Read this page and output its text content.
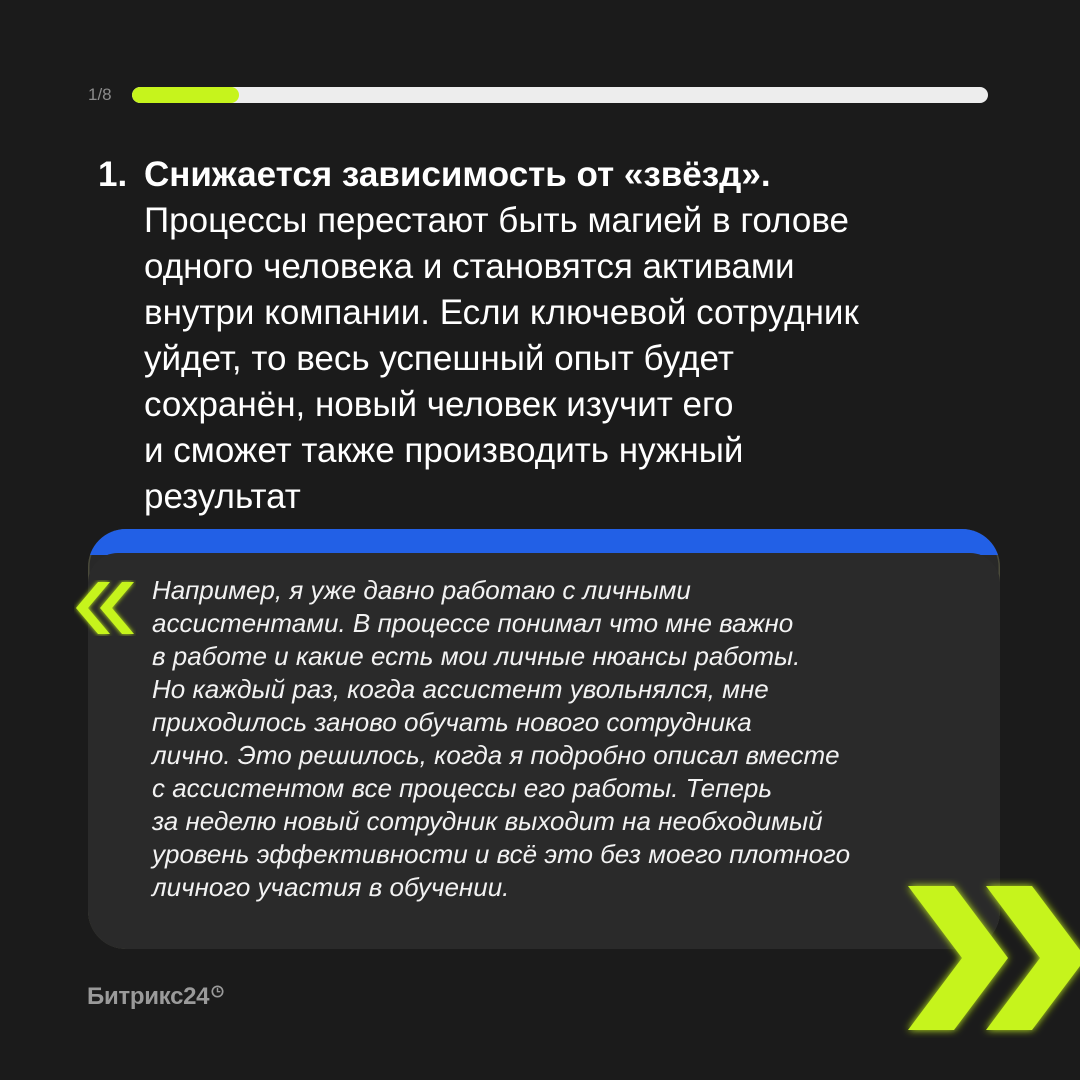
1/8
1. Снижается зависимость от «звёзд».
Процессы перестают быть магией в голове
одного человека и становятся активами
внутри компании. Если ключевой сотрудник
уйдет, то весь успешный опыт будет
сохранён, новый человек изучит его
и сможет также производить нужный
результат
Например, я уже давно работаю с личными
ассистентами. В процессе понимал что мне важно
в работе и какие есть мои личные нюансы работы.
Но каждый раз, когда ассистент увольнялся, мне
приходилось заново обучать нового сотрудника
лично. Это решилось, когда я подробно описал вместе
с ассистентом все процессы его работы. Теперь
за неделю новый сотрудник выходит на необходимый
уровень эффективности и всё это без моего плотного
личного участия в обучении.
Битрикс24
